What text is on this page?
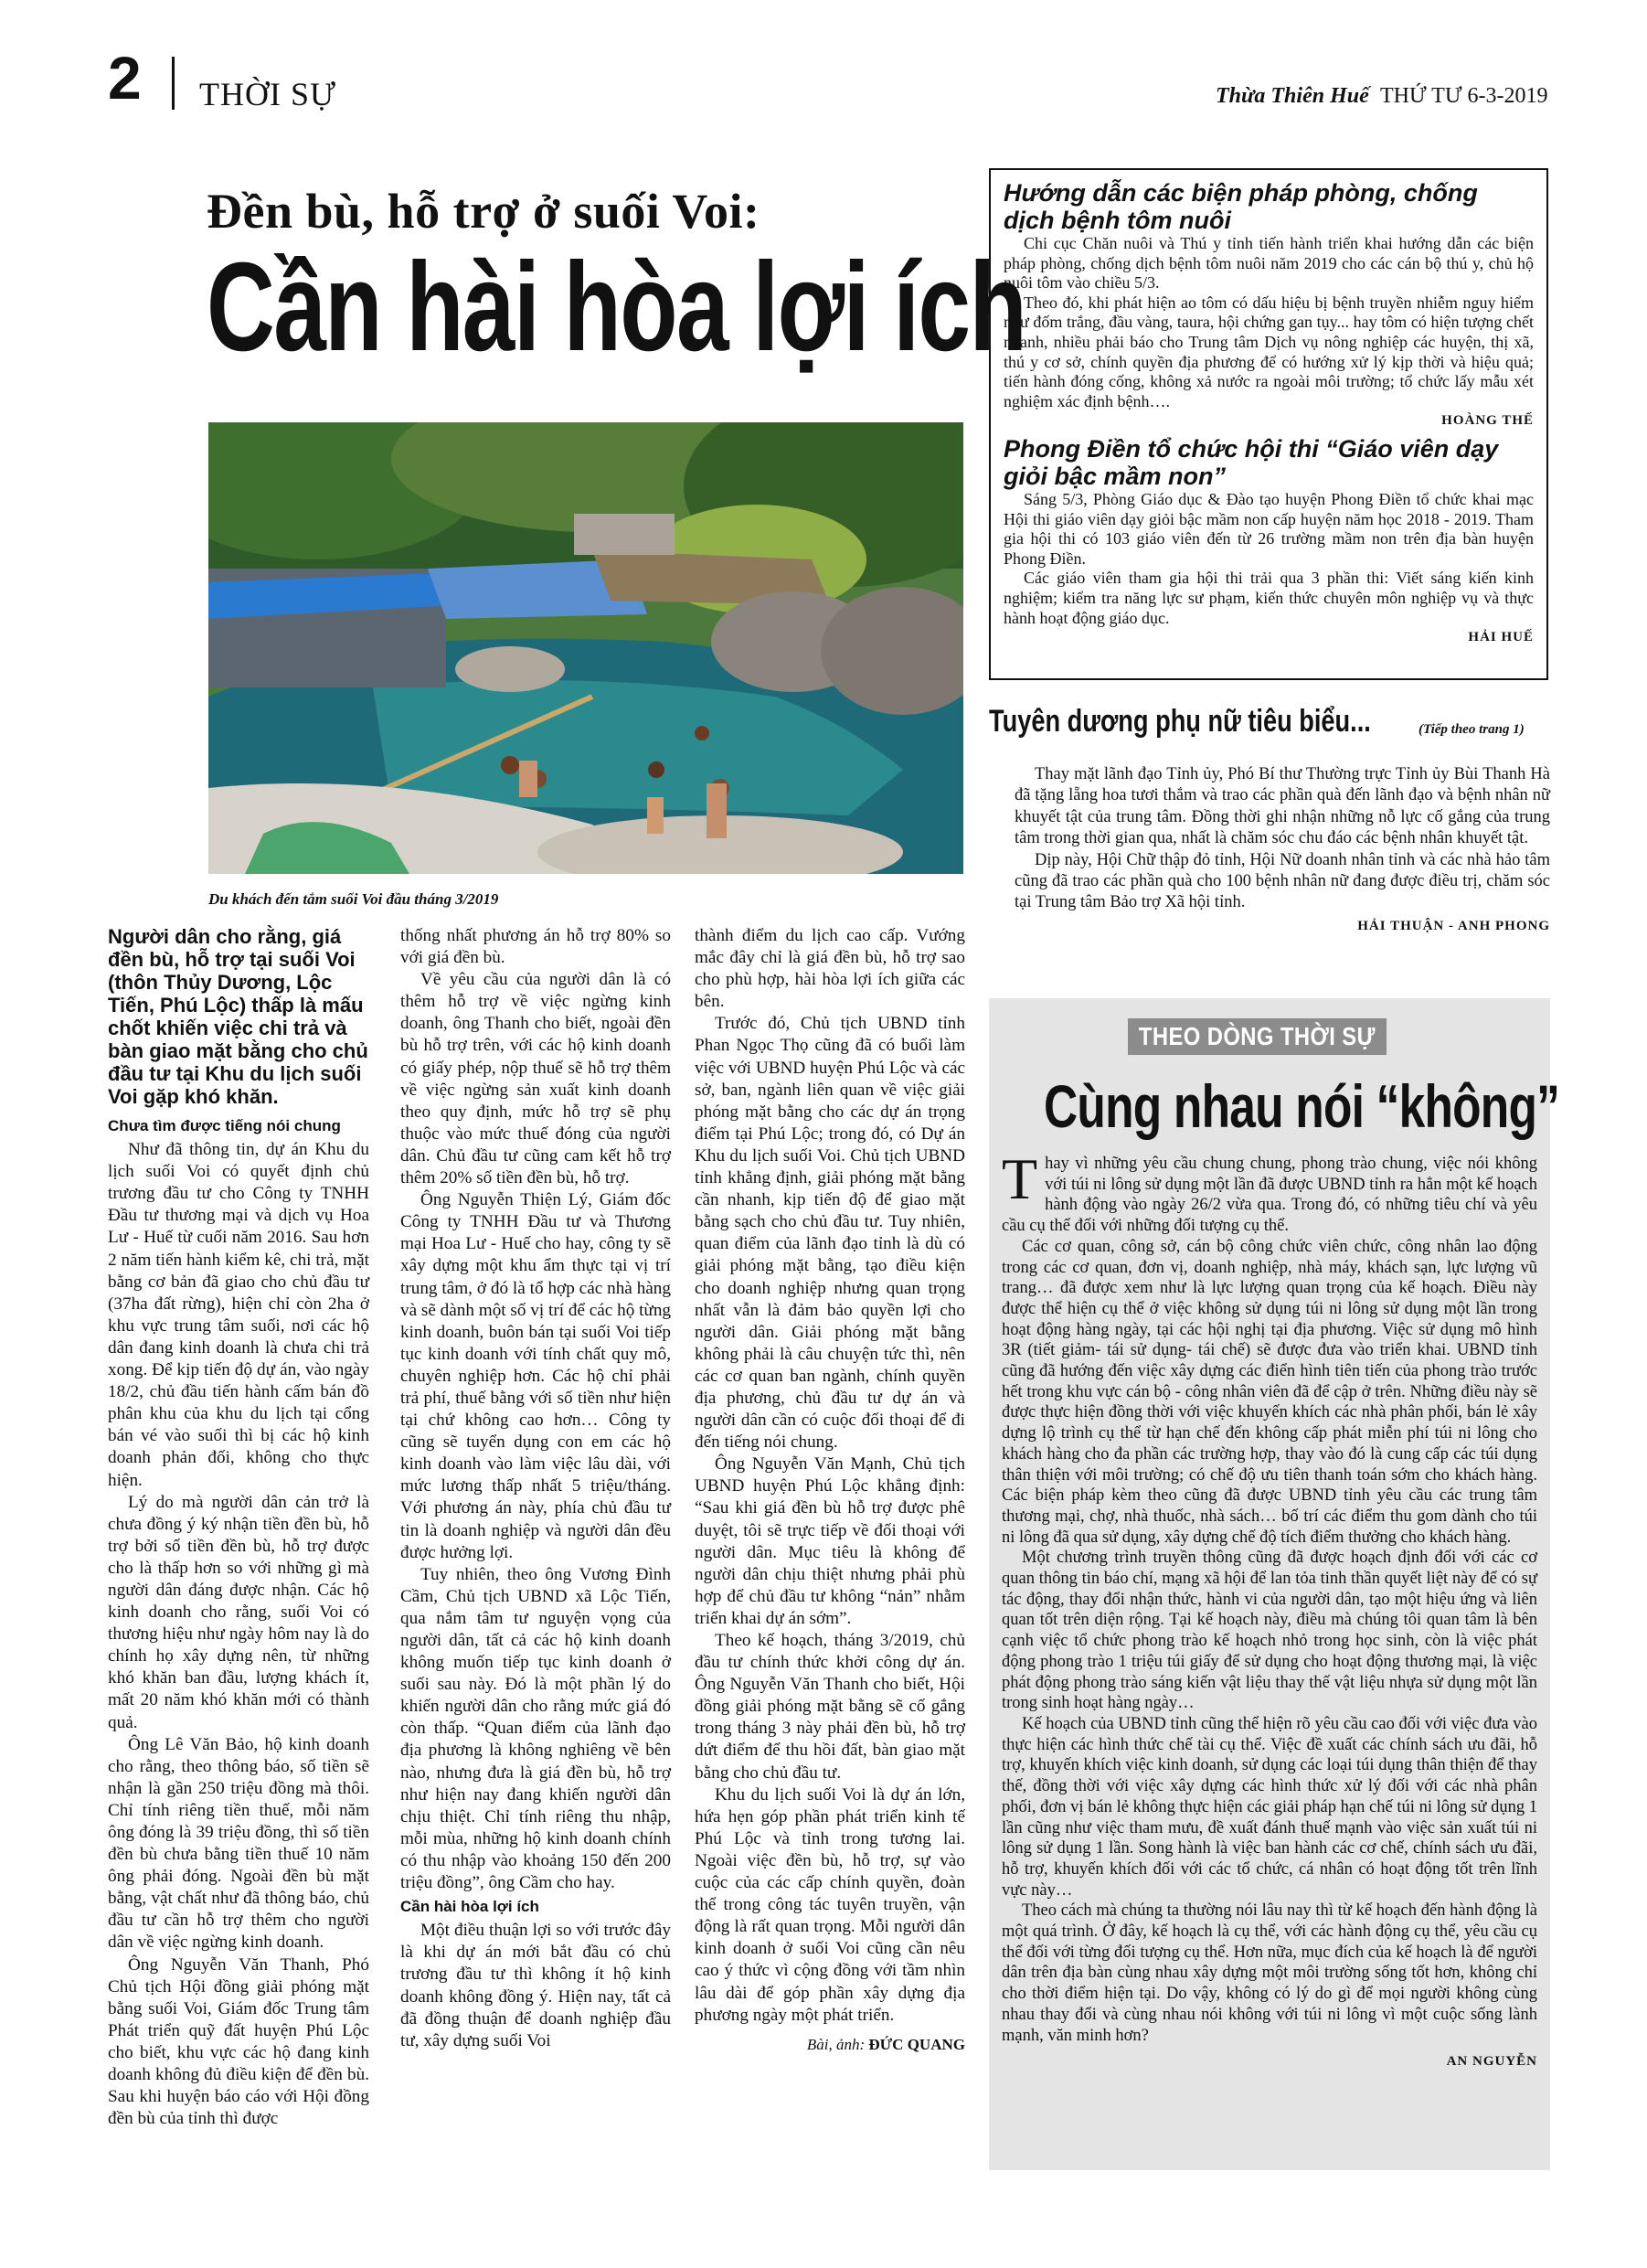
2 THỜI SỰ	Thừa Thiên Huế THỨ TƯ 6-3-2019
Đền bù, hỗ trợ ở suối Voi:
Cần hài hòa lợi ích
Du khách đến tắm suối Voi đầu tháng 3/2019

Người dân cho rằng, giá đền bù, hỗ trợ tại suối Voi (thôn Thủy Dương, Lộc Tiến, Phú Lộc) thấp là mấu chốt khiến việc chi trả và bàn giao mặt bằng cho chủ đầu tư tại Khu du lịch suối Voi gặp khó khăn.

Chưa tìm được tiếng nói chung

Như đã thông tin, dự án Khu du lịch suối Voi có quyết định chủ trương đầu tư cho Công ty TNHH Đầu tư thương mại và dịch vụ Hoa Lư - Huế từ cuối năm 2016. Sau hơn 2 năm tiến hành kiểm kê, chi trả, mặt bằng cơ bản đã giao cho chủ đầu tư (37ha đất rừng), hiện chỉ còn 2ha ở khu vực trung tâm suối, nơi các hộ dân đang kinh doanh là chưa chi trả xong. Để kịp tiến độ dự án, vào ngày 18/2, chủ đầu tiến hành cấm bán đồ phân khu của khu du lịch tại cổng bán vé vào suối thì bị các hộ kinh doanh phản đối, không cho thực hiện.

Lý do mà người dân cản trở là chưa đồng ý ký nhận tiền đền bù, hỗ trợ bởi số tiền đền bù, hỗ trợ được cho là thấp hơn so với những gì mà người dân đáng được nhận. Các hộ kinh doanh cho rằng, suối Voi có thương hiệu như ngày hôm nay là do chính họ xây dựng nên, từ những khó khăn ban đầu, lượng khách ít, mất 20 năm khó khăn mới có thành quả.

Ông Lê Văn Bảo, hộ kinh doanh cho rằng, theo thông báo, số tiền sẽ nhận là gần 250 triệu đồng mà thôi. Chỉ tính riêng tiền thuế, mỗi năm ông đóng là 39 triệu đồng, thì số tiền đền bù chưa bằng tiền thuế 10 năm ông phải đóng. Ngoài đền bù mặt bằng, vật chất như đã thông báo, chủ đầu tư cần hỗ trợ thêm cho người dân về việc ngừng kinh doanh.

Ông Nguyễn Văn Thanh, Phó Chủ tịch Hội đồng giải phóng mặt bằng suối Voi, Giám đốc Trung tâm Phát triển quỹ đất huyện Phú Lộc cho biết, khu vực các hộ đang kinh doanh không đủ điều kiện để đền bù. Sau khi huyện báo cáo với Hội đồng đền bù của tỉnh thì được

thống nhất phương án hỗ trợ 80% so với giá đền bù.

Về yêu cầu của người dân là có thêm hỗ trợ về việc ngừng kinh doanh, ông Thanh cho biết, ngoài đền bù hỗ trợ trên, với các hộ kinh doanh có giấy phép, nộp thuế sẽ hỗ trợ thêm về việc ngừng sản xuất kinh doanh theo quy định, mức hỗ trợ sẽ phụ thuộc vào mức thuế đóng của người dân. Chủ đầu tư cũng cam kết hỗ trợ thêm 20% số tiền đền bù, hỗ trợ.

Ông Nguyễn Thiện Lý, Giám đốc Công ty TNHH Đầu tư và Thương mại Hoa Lư - Huế cho hay, công ty sẽ xây dựng một khu ẩm thực tại vị trí trung tâm, ở đó là tổ hợp các nhà hàng và sẽ dành một số vị trí để các hộ từng kinh doanh, buôn bán tại suối Voi tiếp tục kinh doanh với tính chất quy mô, chuyên nghiệp hơn. Các hộ chỉ phải trả phí, thuế bằng với số tiền như hiện tại chứ không cao hơn… Công ty cũng sẽ tuyển dụng con em các hộ kinh doanh vào làm việc lâu dài, với mức lương thấp nhất 5 triệu/tháng. Với phương án này, phía chủ đầu tư tin là doanh nghiệp và người dân đều được hưởng lợi.

Tuy nhiên, theo ông Vương Đình Cầm, Chủ tịch UBND xã Lộc Tiến, qua nắm tâm tư nguyện vọng của người dân, tất cả các hộ kinh doanh không muốn tiếp tục kinh doanh ở suối sau này. Đó là một phần lý do khiến người dân cho rằng mức giá đó còn thấp. “Quan điểm của lãnh đạo địa phương là không nghiêng về bên nào, nhưng đưa là giá đền bù, hỗ trợ như hiện nay đang khiến người dân chịu thiệt. Chỉ tính riêng thu nhập, mỗi mùa, những hộ kinh doanh chính có thu nhập vào khoảng 150 đến 200 triệu đồng”, ông Cầm cho hay.

Cần hài hòa lợi ích

Một điều thuận lợi so với trước đây là khi dự án mới bắt đầu có chủ trương đầu tư thì không ít hộ kinh doanh không đồng ý. Hiện nay, tất cả đã đồng thuận để doanh nghiệp đầu tư, xây dựng suối Voi

thành điểm du lịch cao cấp. Vướng mắc đây chỉ là giá đền bù, hỗ trợ sao cho phù hợp, hài hòa lợi ích giữa các bên.

Trước đó, Chủ tịch UBND tỉnh Phan Ngọc Thọ cũng đã có buổi làm việc với UBND huyện Phú Lộc và các sở, ban, ngành liên quan về việc giải phóng mặt bằng cho các dự án trọng điểm tại Phú Lộc; trong đó, có Dự án Khu du lịch suối Voi. Chủ tịch UBND tỉnh khẳng định, giải phóng mặt bằng cần nhanh, kịp tiến độ để giao mặt bằng sạch cho chủ đầu tư. Tuy nhiên, quan điểm của lãnh đạo tỉnh là dù có giải phóng mặt bằng, tạo điều kiện cho doanh nghiệp nhưng quan trọng nhất vẫn là đảm bảo quyền lợi cho người dân. Giải phóng mặt bằng không phải là câu chuyện tức thì, nên các cơ quan ban ngành, chính quyền địa phương, chủ đầu tư dự án và người dân cần có cuộc đối thoại để đi đến tiếng nói chung.

Ông Nguyễn Văn Mạnh, Chủ tịch UBND huyện Phú Lộc khẳng định: “Sau khi giá đền bù hỗ trợ được phê duyệt, tôi sẽ trực tiếp về đối thoại với người dân. Mục tiêu là không để người dân chịu thiệt nhưng phải phù hợp để chủ đầu tư không “nản” nhằm triển khai dự án sớm”.

Theo kế hoạch, tháng 3/2019, chủ đầu tư chính thức khởi công dự án. Ông Nguyễn Văn Thanh cho biết, Hội đồng giải phóng mặt bằng sẽ cố gắng trong tháng 3 này phải đền bù, hỗ trợ dứt điểm để thu hồi đất, bàn giao mặt bằng cho chủ đầu tư.

Khu du lịch suối Voi là dự án lớn, hứa hẹn góp phần phát triển kinh tế Phú Lộc và tỉnh trong tương lai. Ngoài việc đền bù, hỗ trợ, sự vào cuộc của các cấp chính quyền, đoàn thể trong công tác tuyên truyền, vận động là rất quan trọng. Mỗi người dân kinh doanh ở suối Voi cũng cần nêu cao ý thức vì cộng đồng với tầm nhìn lâu dài để góp phần xây dựng địa phương ngày một phát triển.

Bài, ảnh: ĐỨC QUANG

Hướng dẫn các biện pháp phòng, chống dịch bệnh tôm nuôi

Chi cục Chăn nuôi và Thú y tỉnh tiến hành triển khai hướng dẫn các biện pháp phòng, chống dịch bệnh tôm nuôi năm 2019 cho các cán bộ thú y, chủ hộ nuôi tôm vào chiều 5/3.

Theo đó, khi phát hiện ao tôm có dấu hiệu bị bệnh truyền nhiễm nguy hiểm như đốm trắng, đầu vàng, taura, hội chứng gan tụy... hay tôm có hiện tượng chết nhanh, nhiều phải báo cho Trung tâm Dịch vụ nông nghiệp các huyện, thị xã, thú y cơ sở, chính quyền địa phương để có hướng xử lý kịp thời và hiệu quả; tiến hành đóng cống, không xả nước ra ngoài môi trường; tổ chức lấy mẫu xét nghiệm xác định bệnh….

HOÀNG THẾ
Phong Điền tổ chức hội thi “Giáo viên dạy giỏi bậc mầm non”

Sáng 5/3, Phòng Giáo dục & Đào tạo huyện Phong Điền tổ chức khai mạc Hội thi giáo viên dạy giỏi bậc mầm non cấp huyện năm học 2018 - 2019. Tham gia hội thi có 103 giáo viên đến từ 26 trường mầm non trên địa bàn huyện Phong Điền.

Các giáo viên tham gia hội thi trải qua 3 phần thi: Viết sáng kiến kinh nghiệm; kiểm tra năng lực sư phạm, kiến thức chuyên môn nghiệp vụ và thực hành hoạt động giáo dục.

HẢI HUẾ
Tuyên dương phụ nữ tiêu biểu...	(Tiếp theo trang 1)

Thay mặt lãnh đạo Tỉnh ủy, Phó Bí thư Thường trực Tỉnh ủy Bùi Thanh Hà đã tặng lẵng hoa tươi thắm và trao các phần quà đến lãnh đạo và bệnh nhân nữ khuyết tật của trung tâm. Đồng thời ghi nhận những nỗ lực cố gắng của trung tâm trong thời gian qua, nhất là chăm sóc chu đáo các bệnh nhân khuyết tật.

Dịp này, Hội Chữ thập đỏ tỉnh, Hội Nữ doanh nhân tỉnh và các nhà hảo tâm cũng đã trao các phần quà cho 100 bệnh nhân nữ đang được điều trị, chăm sóc tại Trung tâm Bảo trợ Xã hội tỉnh.

HẢI THUẬN - ANH PHONG
THEO DÒNG THỜI SỰ
Cùng nhau nói “không”

Thay vì những yêu cầu chung chung, phong trào chung, việc nói không với túi ni lông sử dụng một lần đã được UBND tỉnh ra hẳn một kế hoạch hành động vào ngày 26/2 vừa qua. Trong đó, có những tiêu chí và yêu cầu cụ thể đối với những đối tượng cụ thể.

Các cơ quan, công sở, cán bộ công chức viên chức, công nhân lao động trong các cơ quan, đơn vị, doanh nghiệp, nhà máy, khách sạn, lực lượng vũ trang… đã được xem như là lực lượng quan trọng của kế hoạch. Điều này được thể hiện cụ thể ở việc không sử dụng túi ni lông sử dụng một lần trong hoạt động hàng ngày, tại các hội nghị tại địa phương. Việc sử dụng mô hình 3R (tiết giảm- tái sử dụng- tái chế) sẽ được đưa vào triển khai. UBND tỉnh cũng đã hướng đến việc xây dựng các điển hình tiên tiến của phong trào trước hết trong khu vực cán bộ - công nhân viên đã để cập ở trên. Những điều này sẽ được thực hiện đồng thời với việc khuyến khích các nhà phân phối, bán lẻ xây dựng lộ trình cụ thể từ hạn chế đến không cấp phát miễn phí túi ni lông cho khách hàng cho đa phần các trường hợp, thay vào đó là cung cấp các túi dụng thân thiện với môi trường; có chế độ ưu tiên thanh toán sớm cho khách hàng. Các biện pháp kèm theo cũng đã được UBND tỉnh yêu cầu các trung tâm thương mại, chợ, nhà thuốc, nhà sách… bố trí các điểm thu gom dành cho túi ni lông đã qua sử dụng, xây dựng chế độ tích điểm thưởng cho khách hàng.

Một chương trình truyền thông cũng đã được hoạch định đối với các cơ quan thông tin báo chí, mạng xã hội để lan tỏa tinh thần quyết liệt này để có sự tác động, thay đổi nhận thức, hành vi của người dân, tạo một hiệu ứng và liên quan tốt trên diện rộng. Tại kế hoạch này, điều mà chúng tôi quan tâm là bên cạnh việc tổ chức phong trào kế hoạch nhỏ trong học sinh, còn là việc phát động phong trào 1 triệu túi giấy để sử dụng cho hoạt động thương mại, là việc phát động phong trào sáng kiến vật liệu thay thế vật liệu nhựa sử dụng một lần trong sinh hoạt hàng ngày…

Kế hoạch của UBND tỉnh cũng thể hiện rõ yêu cầu cao đối với việc đưa vào thực hiện các hình thức chế tài cụ thể. Việc đề xuất các chính sách ưu đãi, hỗ trợ, khuyến khích việc kinh doanh, sử dụng các loại túi dụng thân thiện để thay thế, đồng thời với việc xây dựng các hình thức xử lý đối với các nhà phân phối, đơn vị bán lẻ không thực hiện các giải pháp hạn chế túi ni lông sử dụng 1 lần cũng như việc tham mưu, đề xuất đánh thuế mạnh vào việc sản xuất túi ni lông sử dụng 1 lần. Song hành là việc ban hành các cơ chế, chính sách ưu đãi, hỗ trợ, khuyến khích đối với các tổ chức, cá nhân có hoạt động tốt trên lĩnh vực này…

Theo cách mà chúng ta thường nói lâu nay thì từ kế hoạch đến hành động là một quá trình. Ở đây, kế hoạch là cụ thể, với các hành động cụ thể, yêu cầu cụ thể đối với từng đối tượng cụ thể. Hơn nữa, mục đích của kế hoạch là để người dân trên địa bàn cùng nhau xây dựng một môi trường sống tốt hơn, không chỉ cho thời điểm hiện tại. Do vậy, không có lý do gì để mọi người không cùng nhau thay đổi và cùng nhau nói không với túi ni lông vì một cuộc sống lành mạnh, văn minh hơn?

AN NGUYỄN
